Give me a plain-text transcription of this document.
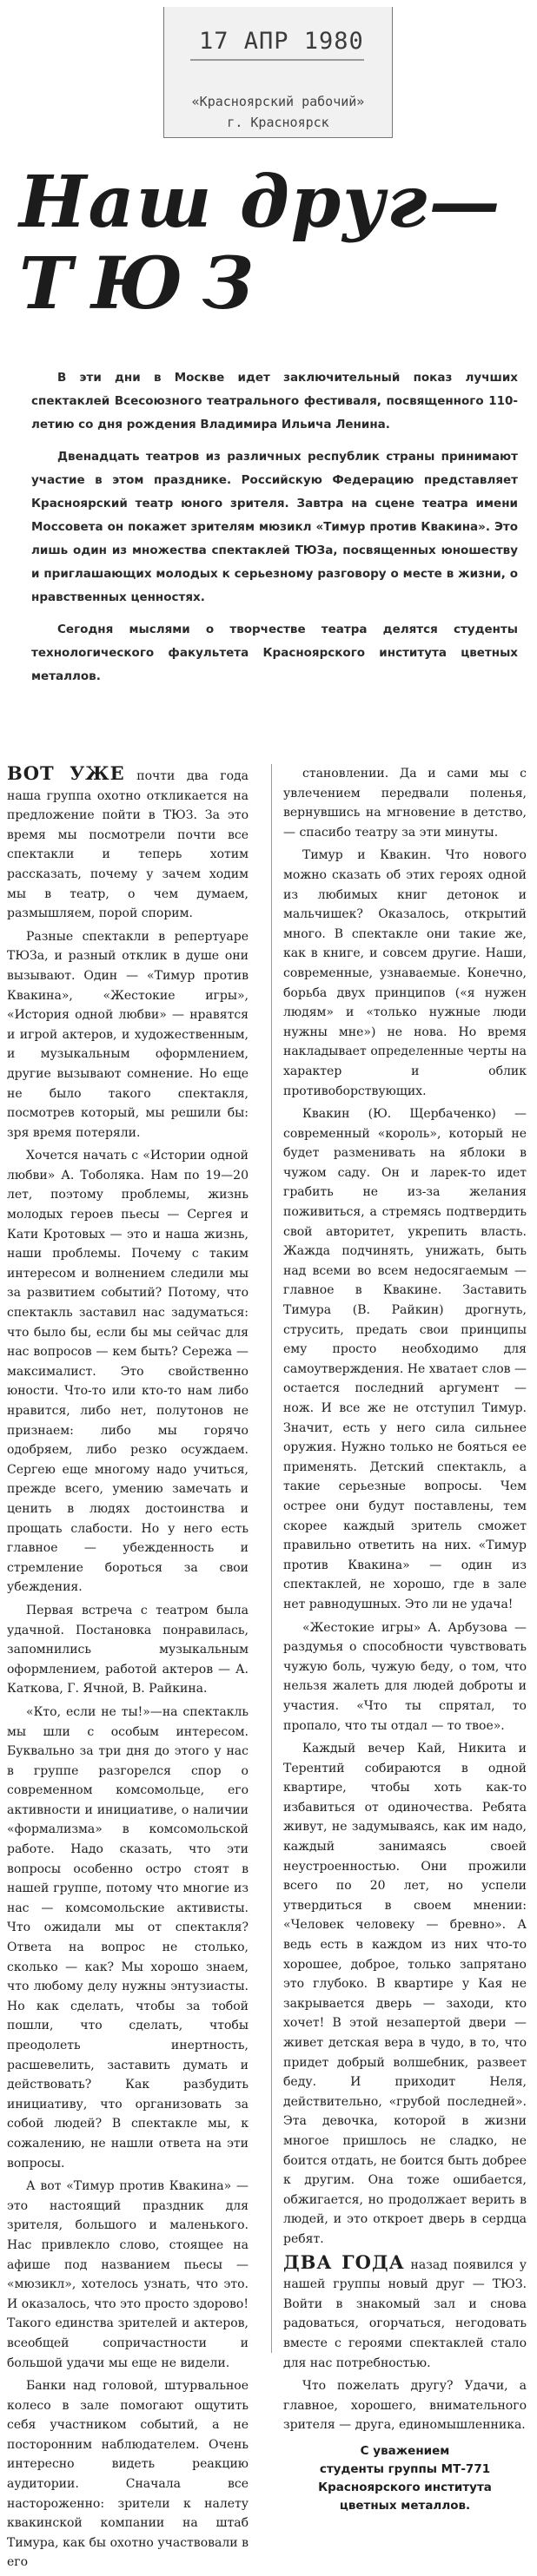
17 АПР 1980
«Красноярский рабочий»
г. Красноярск
Наш друг—
ТЮЗ

В эти дни в Москве идет заключительный показ лучших спектаклей Всесоюзного театрального фестиваля, посвященного 110-летию со дня рождения Владимира Ильича Ленина.

Двенадцать театров из различных республик страны принимают участие в этом празднике. Российскую Федерацию представляет Красноярский театр юного зрителя. Завтра на сцене театра имени Моссовета он покажет зрителям мюзикл «Тимур против Квакина». Это лишь один из множества спектаклей ТЮЗа, посвященных юношеству и приглашающих молодых к серьезному разговору о месте в жизни, о нравственных ценностях.

Сегодня мыслями о творчестве театра делятся студенты технологического факультета Красноярского института цветных металлов.

ВОТ УЖЕ почти два года наша группа охотно откликается на предложение пойти в ТЮЗ. За это время мы посмотрели почти все спектакли и теперь хотим рассказать, почему у зачем ходим мы в театр, о чем думаем, размышляем, порой спорим.

Разные спектакли в репертуаре ТЮЗа, и разный отклик в душе они вызывают. Один — «Тимур против Квакина», «Жестокие игры», «История одной любви» — нравятся и игрой актеров, и художественным, и музыкальным оформлением, другие вызывают сомнение. Но еще не было такого спектакля, посмотрев который, мы решили бы: зря время потеряли.

Хочется начать с «Истории одной любви» А. Тоболяка. Нам по 19—20 лет, поэтому проблемы, жизнь молодых героев пьесы — Сергея и Кати Кротовых — это и наша жизнь, наши проблемы. Почему с таким интересом и волнением следили мы за развитием событий? Потому, что спектакль заставил нас задуматься: что было бы, если бы мы сейчас для нас вопросов — кем быть? Сережа — максималист. Это свойственно юности. Что-то или кто-то нам либо нравится, либо нет, полутонов не признаем: либо мы горячо одобряем, либо резко осуждаем. Сергею еще многому надо учиться, прежде всего, умению замечать и ценить в людях достоинства и прощать слабости. Но у него есть главное — убежденность и стремление бороться за свои убеждения.

Первая встреча с театром была удачной. Постановка понравилась, запомнились музыкальным оформлением, работой актеров — А. Каткова, Г. Ячной, В. Райкина.

«Кто, если не ты!»—на спектакль мы шли с особым интересом. Буквально за три дня до этого у нас в группе разгорелся спор о современном комсомольце, его активности и инициативе, о наличии «формализма» в комсомольской работе. Надо сказать, что эти вопросы особенно остро стоят в нашей группе, потому что многие из нас — комсомольские активисты. Что ожидали мы от спектакля? Ответа на вопрос не столько, сколько — как? Мы хорошо знаем, что любому делу нужны энтузиасты. Но как сделать, чтобы за тобой пошли, что сделать, чтобы преодолеть инертность, расшевелить, заставить думать и действовать? Как разбудить инициативу, что организовать за собой людей? В спектакле мы, к сожалению, не нашли ответа на эти вопросы.

А вот «Тимур против Квакина» — это настоящий праздник для зрителя, большого и маленького. Нас привлекло слово, стоящее на афише под названием пьесы — «мюзикл», хотелось узнать, что это. И оказалось, что это просто здорово! Такого единства зрителей и актеров, всеобщей сопричастности и большой удачи мы еще не видели.

Банки над головой, штурвальное колесо в зале помогают ощутить себя участником событий, а не посторонним наблюдателем. Очень интересно видеть реакцию аудитории. Сначала все настороженно: зрители к налету квакинской компании на штаб Тимура, как бы охотно участвовали в его

становлении. Да и сами мы с увлечением передвали поленья, вернувшись на мгновение в детство, — спасибо театру за эти минуты.

Тимур и Квакин. Что нового можно сказать об этих героях одной из любимых книг детонок и мальчишек? Оказалось, открытий много. В спектакле они такие же, как в книге, и совсем другие. Наши, современные, узнаваемые. Конечно, борьба двух принципов («я нужен людям» и «только нужные люди нужны мне») не нова. Но время накладывает определенные черты на характер и облик противоборствующих.

Квакин (Ю. Щербаченко) — современный «король», который не будет разменивать на яблоки в чужом саду. Он и ларек-то идет грабить не из-за желания поживиться, а стремясь подтвердить свой авторитет, укрепить власть. Жажда подчинять, унижать, быть над всеми во всем недосягаемым — главное в Квакине. Заставить Тимура (В. Райкин) дрогнуть, струсить, предать свои принципы ему просто необходимо для самоутверждения. Не хватает слов — остается последний аргумент — нож. И все же не отступил Тимур. Значит, есть у него сила сильнее оружия. Нужно только не бояться ее применять. Детский спектакль, а такие серьезные вопросы. Чем острее они будут поставлены, тем скорее каждый зритель сможет правильно ответить на них. «Тимур против Квакина» — один из спектаклей, не хорошо, где в зале нет равнодушных. Это ли не удача!

«Жестокие игры» А. Арбузова — раздумья о способности чувствовать чужую боль, чужую беду, о том, что нельзя жалеть для людей доброты и участия. «Что ты спрятал, то пропало, что ты отдал — то твое».

Каждый вечер Кай, Никита и Терентий собираются в одной квартире, чтобы хоть как-то избавиться от одиночества. Ребята живут, не задумываясь, как им надо, каждый занимаясь своей неустроенностью. Они прожили всего по 20 лет, но успели утвердиться в своем мнении: «Человек человеку — бревно». А ведь есть в каждом из них что-то хорошее, доброе, только запрятано это глубоко. В квартире у Кая не закрывается дверь — заходи, кто хочет! В этой незапертой двери — живет детская вера в чудо, в то, что придет добрый волшебник, развеет беду. И приходит Неля, действительно, «грубой последней». Эта девочка, которой в жизни многое пришлось не сладко, не боится отдать, не боится быть добрее к другим. Она тоже ошибается, обжигается, но продолжает верить в людей, и это откроет дверь в сердца ребят.

ДВА ГОДА назад появился у нашей группы новый друг — ТЮЗ. Войти в знакомый зал и снова радоваться, огорчаться, негодовать вместе с героями спектаклей стало для нас потребностью.

Что пожелать другу? Удачи, а главное, хорошего, внимательного зрителя — друга, единомышленника.

С уважением
студенты группы МТ-771
Красноярского института
цветных металлов.
